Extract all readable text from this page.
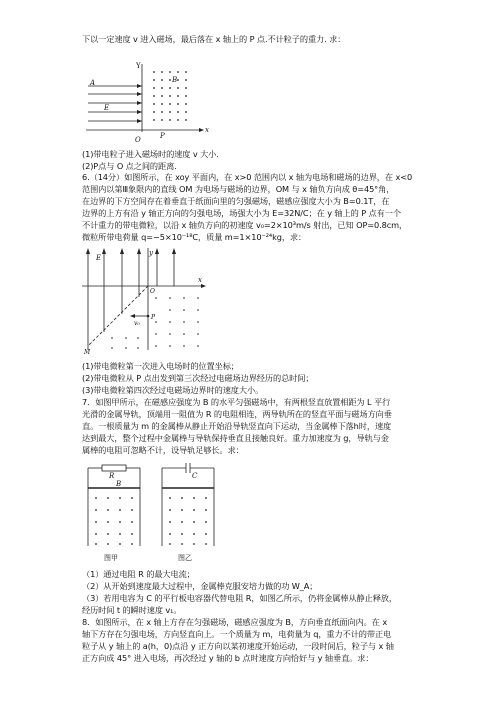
下以一定速度 v 进入磁场，最后落在 x 轴上的 P 点.不计粒子的重力. 求：
Y
A	B
E
O	P
x
(1)带电粒子进入磁场时的速度 v 大小.
(2)P点与 O 点之间的距离.
6.（14分）如图所示，在 xoy 平面内，在 x>0 范围内以 x 轴为电场和磁场的边界，在 x<0
范围内以第Ⅲ象限内的直线 OM 为电场与磁场的边界，OM 与 x 轴负方向成 θ=45°角，
在边界的下方空间存在着垂直于纸面向里的匀强磁场，磁感应强度大小为 B=0.1T，在
边界的上方有沿 y 轴正方向的匀强电场，场强大小为 E=32N/C；在 y 轴上的 P 点有一个
不计重力的带电微粒，以沿 x 轴负方向的初速度 v₀=2×10³m/s 射出，已知 OP=0.8cm，
微粒所带电荷量 q=−5×10⁻¹⁸C，质量 m=1×10⁻²⁴kg，求：
E
y
x
O
P
v₀
M
(1)带电微粒第一次进入电场时的位置坐标；
(2)带电微粒从 P 点出发到第三次经过电磁场边界经历的总时间；
(3)带电微粒第四次经过电磁场边界时的速度大小。
7．如图甲所示，在磁感应强度为 B 的水平匀强磁场中，有两根竖直放置相距为 L 平行
光滑的金属导轨，顶端用一阻值为 R 的电阻相连，两导轨所在的竖直平面与磁场方向垂
直。一根质量为 m 的金属棒从静止开始沿导轨竖直向下运动，当金属棒下落h时，速度
达到最大，整个过程中金属棒与导轨保持垂直且接触良好。重力加速度为 g，导轨与金
属棒的电阻可忽略不计，设导轨足够长。求：
R
B
C
图甲	图乙
（1）通过电阻 R 的最大电流；
（2）从开始到速度最大过程中，金属棒克服安培力做的功 W_A；
（3）若用电容为 C 的平行板电容器代替电阻 R，如图乙所示，仍将金属棒从静止释放，
经历时间 t 的瞬时速度 v₁。
8．如图所示，在 x 轴上方存在匀强磁场，磁感应强度为 B，方向垂直纸面向内。在 x
轴下方存在匀强电场，方向竖直向上。一个质量为 m，电荷量为 q，重力不计的带正电
粒子从 y 轴上的 a(h，0)点沿 y 正方向以某初速度开始运动，一段时间后，粒子与 x 轴
正方向成 45° 进入电场，再次经过 y 轴的 b 点时速度方向恰好与 y 轴垂直。求：
